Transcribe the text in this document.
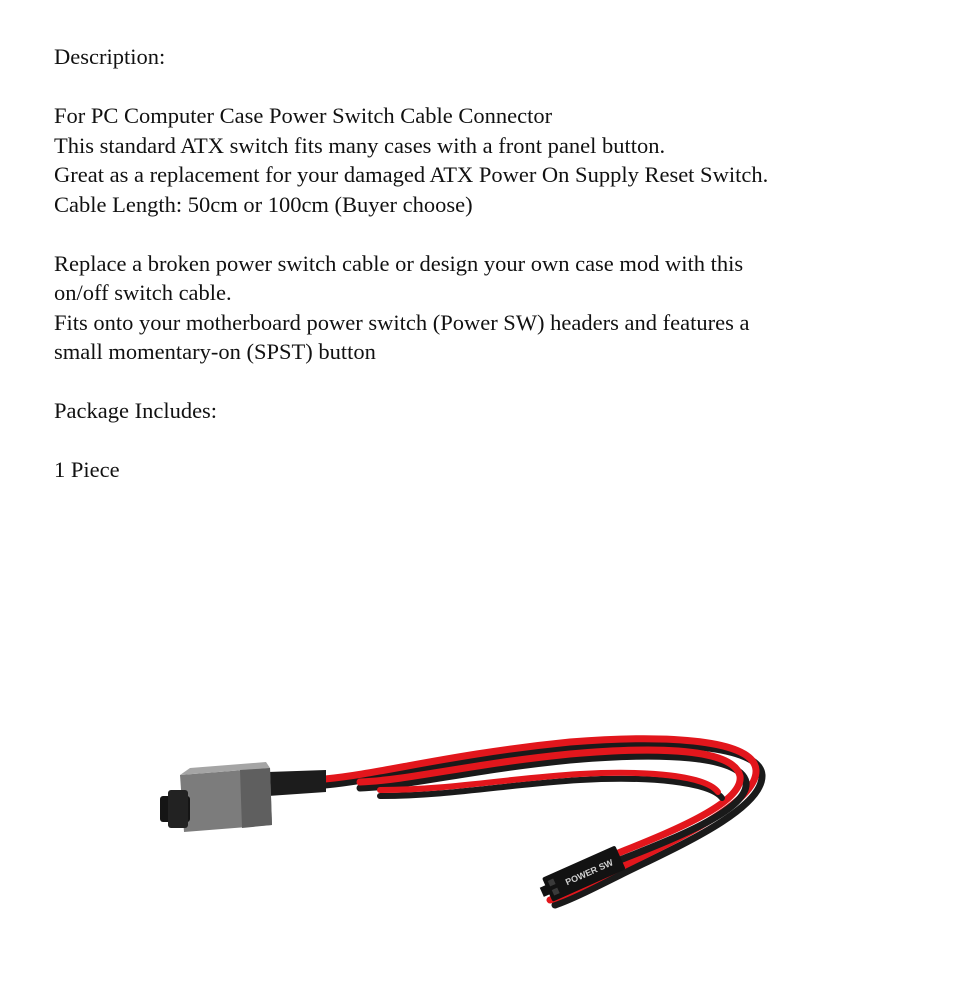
Description:
For PC Computer Case Power Switch Cable Connector
This standard ATX switch fits many cases with a front panel button.
Great as a replacement for your damaged ATX Power On Supply Reset Switch.
Cable Length: 50cm or 100cm (Buyer choose)
Replace a broken power switch cable or design your own case mod with this
on/off switch cable.
Fits onto your motherboard power switch (Power SW) headers and features a
small momentary-on (SPST) button
Package Includes:
1 Piece
POWER SW
